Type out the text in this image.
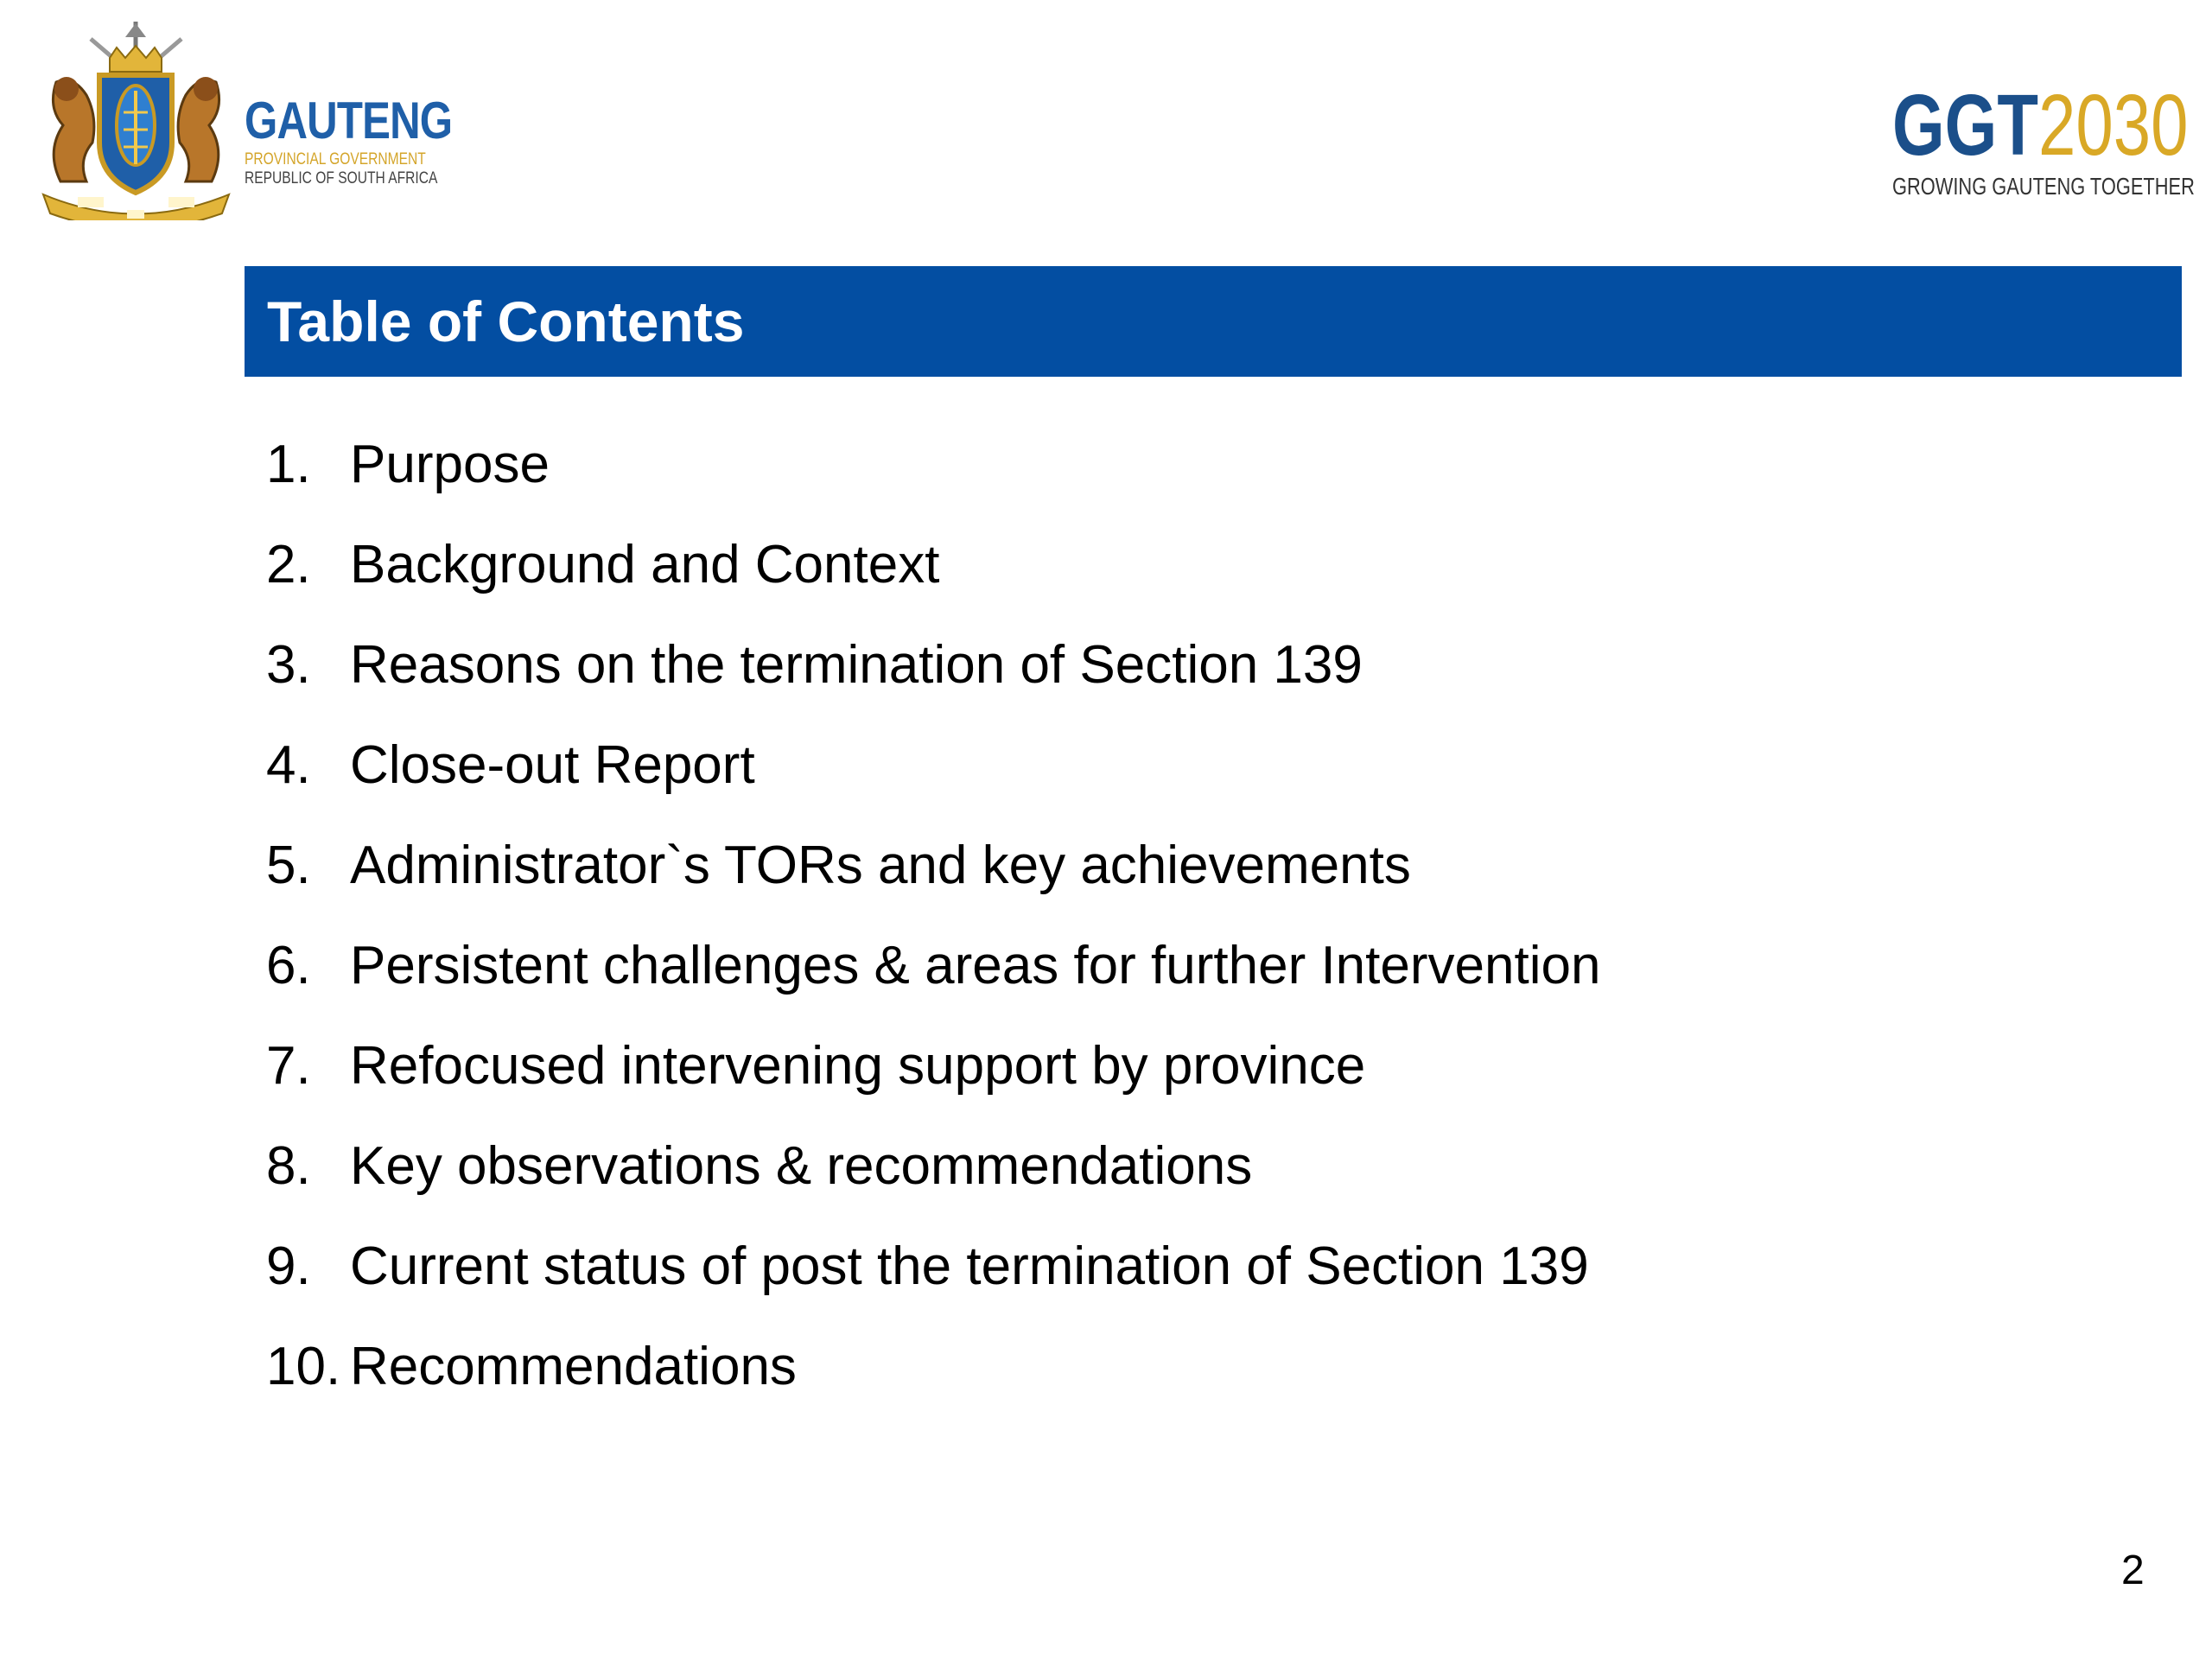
GAUTENG
PROVINCIAL GOVERNMENT
REPUBLIC OF SOUTH AFRICA
GGT2030
GROWING GAUTENG TOGETHER
Table of Contents
1. Purpose
2. Background and Context
3. Reasons on the termination of Section 139
4. Close-out Report
5. Administrator`s TORs and key achievements
6. Persistent challenges & areas for further Intervention
7. Refocused intervening support by province
8. Key observations & recommendations
9. Current status of post the termination of Section 139
10. Recommendations
2
